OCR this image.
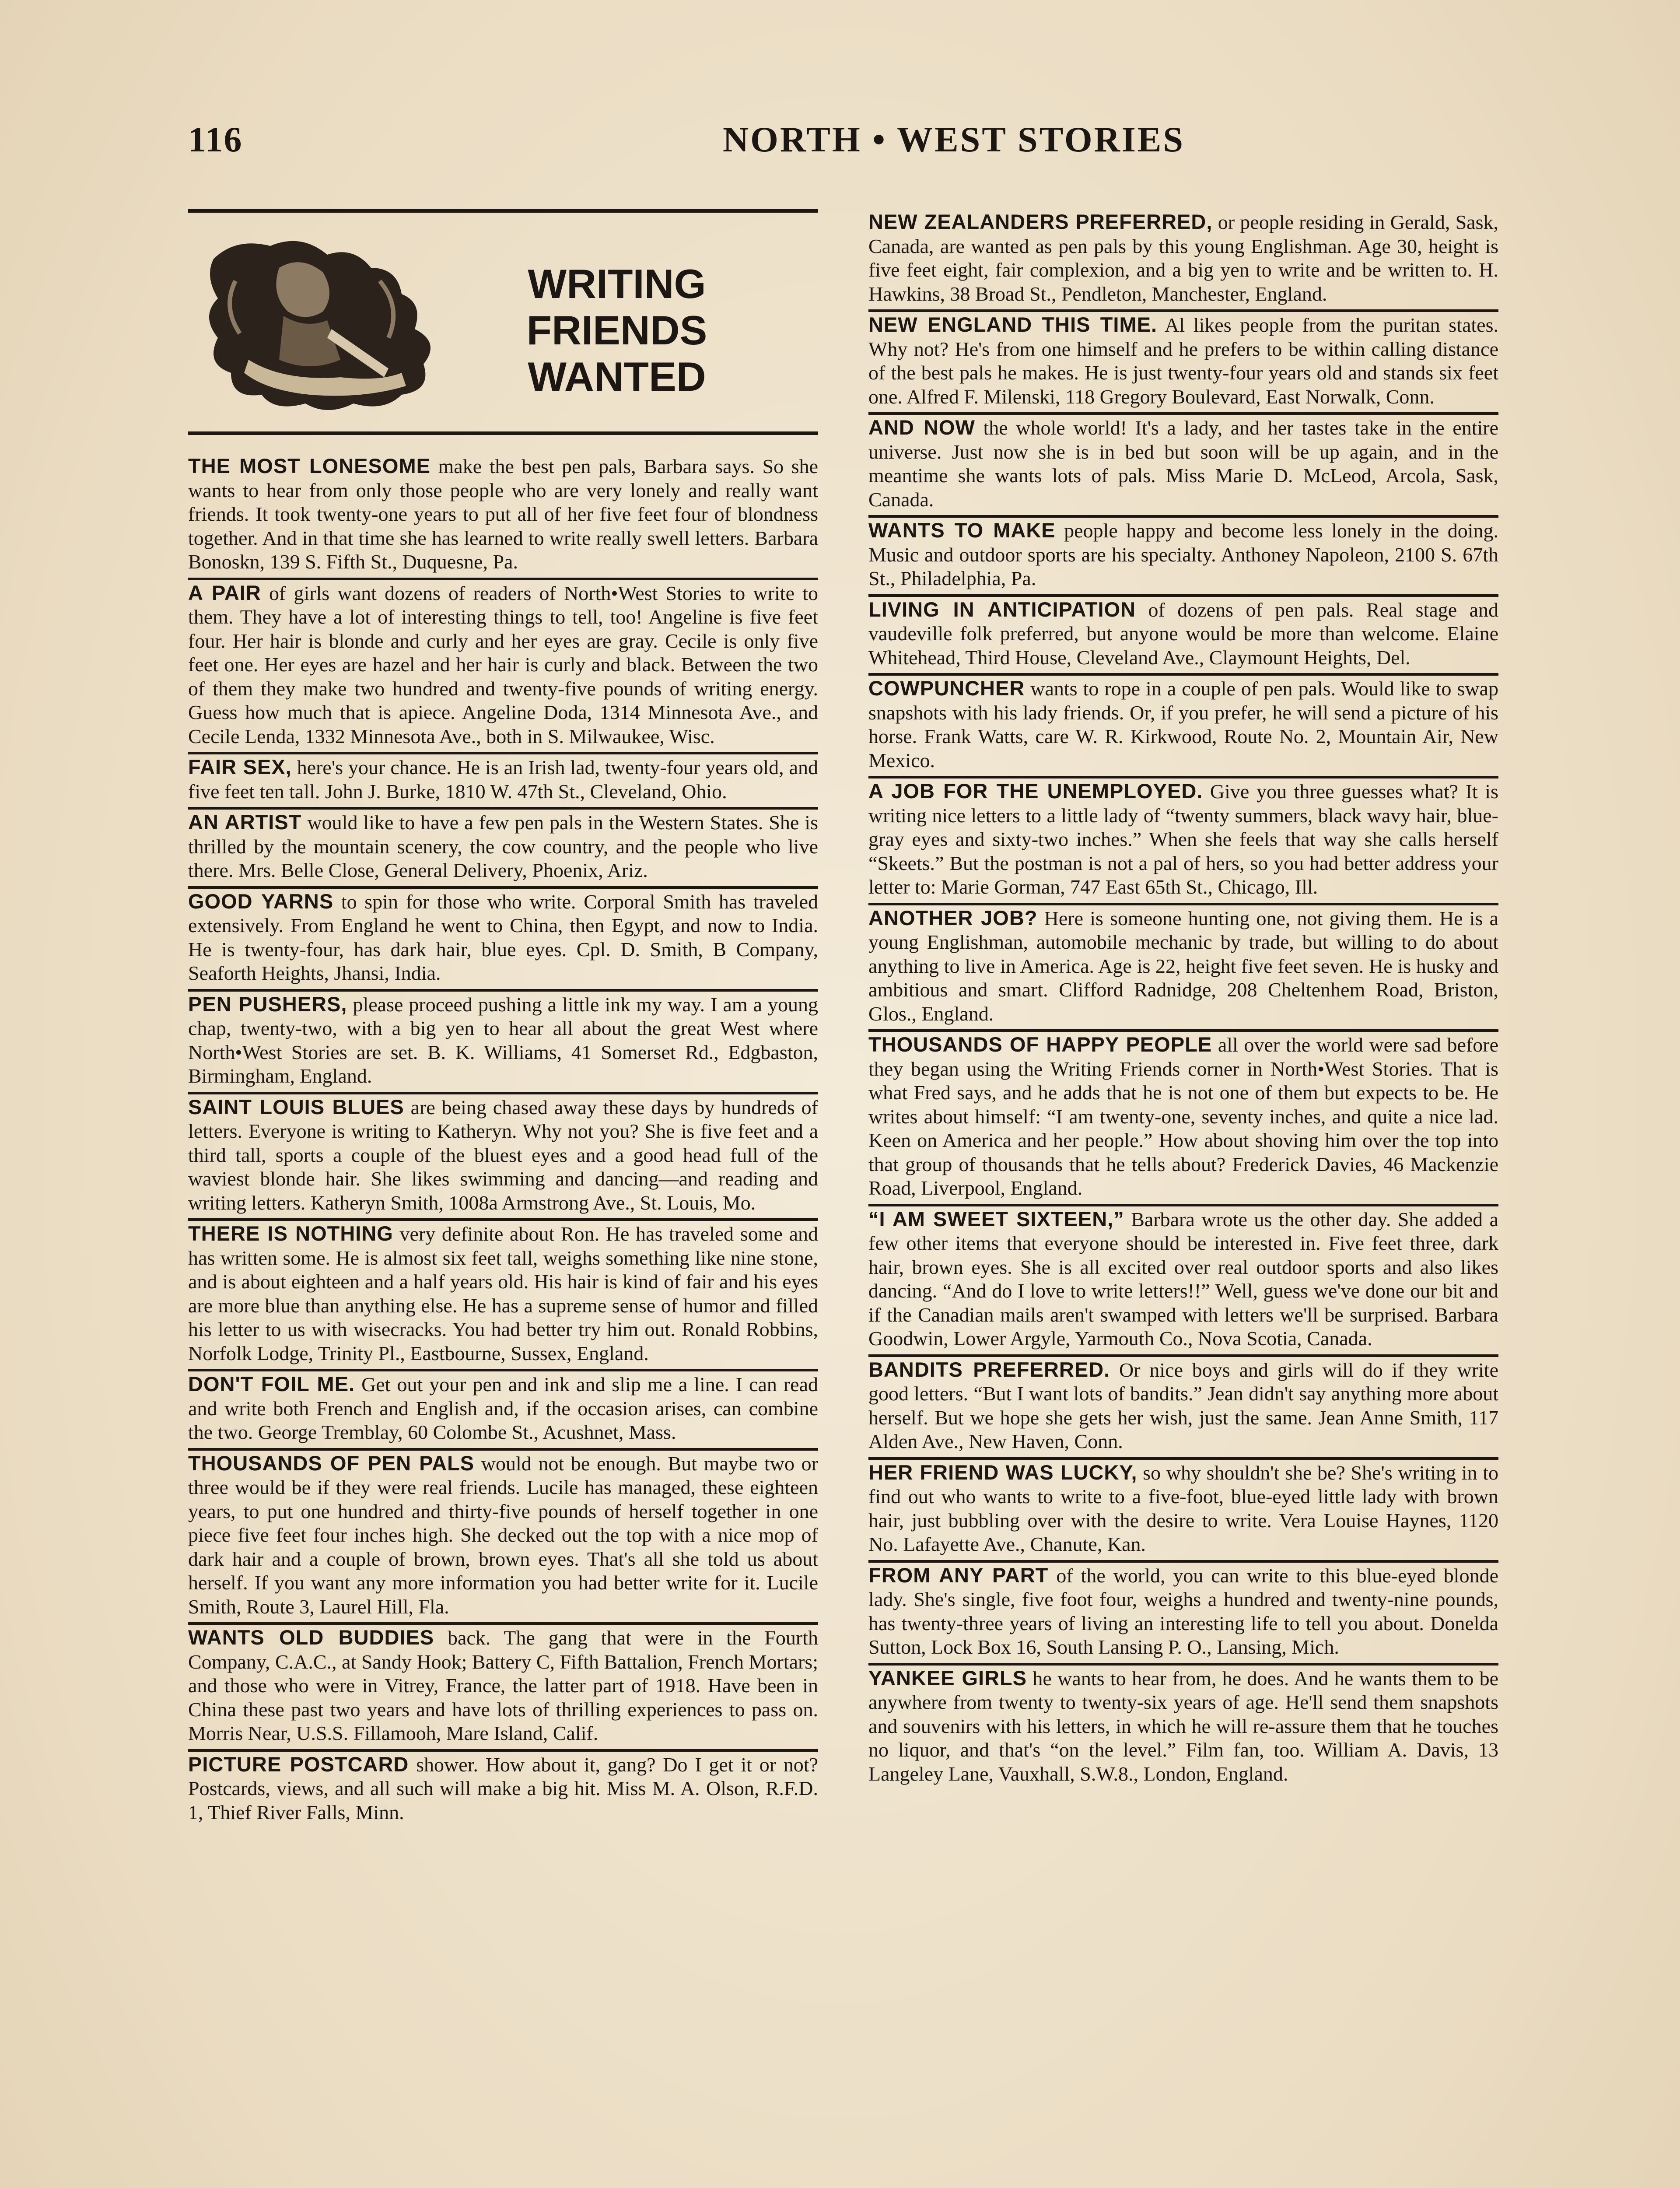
116	NORTH • WEST STORIES
WRITING
FRIENDS
WANTED

THE MOST LONESOME make the best pen pals, Barbara says. So she wants to hear from only those people who are very lonely and really want friends. It took twenty-one years to put all of her five feet four of blondness together. And in that time she has learned to write really swell letters. Barbara Bonoskn, 139 S. Fifth St., Duquesne, Pa.

A PAIR of girls want dozens of readers of North•West Stories to write to them. They have a lot of interesting things to tell, too! Angeline is five feet four. Her hair is blonde and curly and her eyes are gray. Cecile is only five feet one. Her eyes are hazel and her hair is curly and black. Between the two of them they make two hundred and twenty-five pounds of writing energy. Guess how much that is apiece. Angeline Doda, 1314 Minnesota Ave., and Cecile Lenda, 1332 Minnesota Ave., both in S. Milwaukee, Wisc.

FAIR SEX, here's your chance. He is an Irish lad, twenty-four years old, and five feet ten tall. John J. Burke, 1810 W. 47th St., Cleveland, Ohio.

AN ARTIST would like to have a few pen pals in the Western States. She is thrilled by the mountain scenery, the cow country, and the people who live there. Mrs. Belle Close, General Delivery, Phoenix, Ariz.

GOOD YARNS to spin for those who write. Corporal Smith has traveled extensively. From England he went to China, then Egypt, and now to India. He is twenty-four, has dark hair, blue eyes. Cpl. D. Smith, B Company, Seaforth Heights, Jhansi, India.

PEN PUSHERS, please proceed pushing a little ink my way. I am a young chap, twenty-two, with a big yen to hear all about the great West where North•West Stories are set. B. K. Williams, 41 Somerset Rd., Edgbaston, Birmingham, England.

SAINT LOUIS BLUES are being chased away these days by hundreds of letters. Everyone is writing to Katheryn. Why not you? She is five feet and a third tall, sports a couple of the bluest eyes and a good head full of the waviest blonde hair. She likes swimming and dancing—and reading and writing letters. Katheryn Smith, 1008a Armstrong Ave., St. Louis, Mo.

THERE IS NOTHING very definite about Ron. He has traveled some and has written some. He is almost six feet tall, weighs something like nine stone, and is about eighteen and a half years old. His hair is kind of fair and his eyes are more blue than anything else. He has a supreme sense of humor and filled his letter to us with wisecracks. You had better try him out. Ronald Robbins, Norfolk Lodge, Trinity Pl., Eastbourne, Sussex, England.

DON'T FOIL ME. Get out your pen and ink and slip me a line. I can read and write both French and English and, if the occasion arises, can combine the two. George Tremblay, 60 Colombe St., Acushnet, Mass.

THOUSANDS OF PEN PALS would not be enough. But maybe two or three would be if they were real friends. Lucile has managed, these eighteen years, to put one hundred and thirty-five pounds of herself together in one piece five feet four inches high. She decked out the top with a nice mop of dark hair and a couple of brown, brown eyes. That's all she told us about herself. If you want any more information you had better write for it. Lucile Smith, Route 3, Laurel Hill, Fla.

WANTS OLD BUDDIES back. The gang that were in the Fourth Company, C.A.C., at Sandy Hook; Battery C, Fifth Battalion, French Mortars; and those who were in Vitrey, France, the latter part of 1918. Have been in China these past two years and have lots of thrilling experiences to pass on. Morris Near, U.S.S. Fillamooh, Mare Island, Calif.

PICTURE POSTCARD shower. How about it, gang? Do I get it or not? Postcards, views, and all such will make a big hit. Miss M. A. Olson, R.F.D. 1, Thief River Falls, Minn.

NEW ZEALANDERS PREFERRED, or people residing in Gerald, Sask, Canada, are wanted as pen pals by this young Englishman. Age 30, height is five feet eight, fair complexion, and a big yen to write and be written to. H. Hawkins, 38 Broad St., Pendleton, Manchester, England.

NEW ENGLAND THIS TIME. Al likes people from the puritan states. Why not? He's from one himself and he prefers to be within calling distance of the best pals he makes. He is just twenty-four years old and stands six feet one. Alfred F. Milenski, 118 Gregory Boulevard, East Norwalk, Conn.

AND NOW the whole world! It's a lady, and her tastes take in the entire universe. Just now she is in bed but soon will be up again, and in the meantime she wants lots of pals. Miss Marie D. McLeod, Arcola, Sask, Canada.

WANTS TO MAKE people happy and become less lonely in the doing. Music and outdoor sports are his specialty. Anthoney Napoleon, 2100 S. 67th St., Philadelphia, Pa.

LIVING IN ANTICIPATION of dozens of pen pals. Real stage and vaudeville folk preferred, but anyone would be more than welcome. Elaine Whitehead, Third House, Cleveland Ave., Claymount Heights, Del.

COWPUNCHER wants to rope in a couple of pen pals. Would like to swap snapshots with his lady friends. Or, if you prefer, he will send a picture of his horse. Frank Watts, care W. R. Kirkwood, Route No. 2, Mountain Air, New Mexico.

A JOB FOR THE UNEMPLOYED. Give you three guesses what? It is writing nice letters to a little lady of “twenty summers, black wavy hair, blue-gray eyes and sixty-two inches.” When she feels that way she calls herself “Skeets.” But the postman is not a pal of hers, so you had better address your letter to: Marie Gorman, 747 East 65th St., Chicago, Ill.

ANOTHER JOB? Here is someone hunting one, not giving them. He is a young Englishman, automobile mechanic by trade, but willing to do about anything to live in America. Age is 22, height five feet seven. He is husky and ambitious and smart. Clifford Radnidge, 208 Cheltenhem Road, Briston, Glos., England.

THOUSANDS OF HAPPY PEOPLE all over the world were sad before they began using the Writing Friends corner in North•West Stories. That is what Fred says, and he adds that he is not one of them but expects to be. He writes about himself: “I am twenty-one, seventy inches, and quite a nice lad. Keen on America and her people.” How about shoving him over the top into that group of thousands that he tells about? Frederick Davies, 46 Mackenzie Road, Liverpool, England.

“I AM SWEET SIXTEEN,” Barbara wrote us the other day. She added a few other items that everyone should be interested in. Five feet three, dark hair, brown eyes. She is all excited over real outdoor sports and also likes dancing. “And do I love to write letters!!” Well, guess we've done our bit and if the Canadian mails aren't swamped with letters we'll be surprised. Barbara Goodwin, Lower Argyle, Yarmouth Co., Nova Scotia, Canada.

BANDITS PREFERRED. Or nice boys and girls will do if they write good letters. “But I want lots of bandits.” Jean didn't say anything more about herself. But we hope she gets her wish, just the same. Jean Anne Smith, 117 Alden Ave., New Haven, Conn.

HER FRIEND WAS LUCKY, so why shouldn't she be? She's writing in to find out who wants to write to a five-foot, blue-eyed little lady with brown hair, just bubbling over with the desire to write. Vera Louise Haynes, 1120 No. Lafayette Ave., Chanute, Kan.

FROM ANY PART of the world, you can write to this blue-eyed blonde lady. She's single, five foot four, weighs a hundred and twenty-nine pounds, has twenty-three years of living an interesting life to tell you about. Donelda Sutton, Lock Box 16, South Lansing P. O., Lansing, Mich.

YANKEE GIRLS he wants to hear from, he does. And he wants them to be anywhere from twenty to twenty-six years of age. He'll send them snapshots and souvenirs with his letters, in which he will re-assure them that he touches no liquor, and that's “on the level.” Film fan, too. William A. Davis, 13 Langeley Lane, Vauxhall, S.W.8., London, England.
